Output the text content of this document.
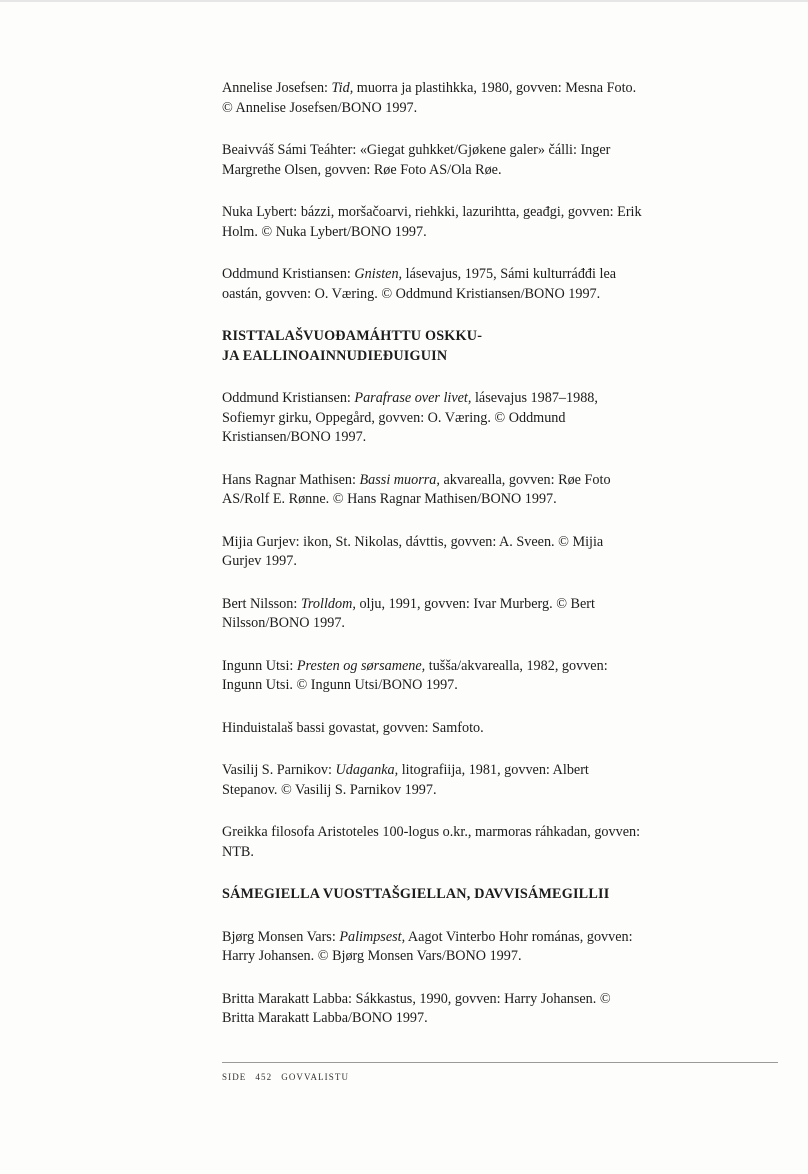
Annelise Josefsen: Tid, muorra ja plastihkka, 1980, govven: Mesna Foto. © Annelise Josefsen/BONO 1997.

Beaivváš Sámi Teáhter: «Giegat guhkket/Gjøkene galer» čálli: Inger Margrethe Olsen, govven: Røe Foto AS/Ola Røe.

Nuka Lybert: bázzi, moršačoarvi, riehkki, lazurihtta, geađgi, govven: Erik Holm. © Nuka Lybert/BONO 1997.

Oddmund Kristiansen: Gnisten, lásevajus, 1975, Sámi kulturráđđi lea oastán, govven: O. Væring. © Oddmund Kristiansen/BONO 1997.

RISTTALAŠVUOĐAMÁHTTU OSKKU-
JA EALLINOAINNUDIEĐUIGUIN

Oddmund Kristiansen: Parafrase over livet, lásevajus 1987–1988, Sofiemyr girku, Oppegård, govven: O. Væring. © Oddmund Kristiansen/BONO 1997.

Hans Ragnar Mathisen: Bassi muorra, akvarealla, govven: Røe Foto AS/Rolf E. Rønne. © Hans Ragnar Mathisen/BONO 1997.

Mijia Gurjev: ikon, St. Nikolas, dávttis, govven: A. Sveen. © Mijia Gurjev 1997.

Bert Nilsson: Trolldom, olju, 1991, govven: Ivar Murberg. © Bert Nilsson/BONO 1997.

Ingunn Utsi: Presten og sørsamene, tuššа/akvarealla, 1982, govven: Ingunn Utsi. © Ingunn Utsi/BONO 1997.

Hinduistalaš bassi govastat, govven: Samfoto.

Vasilij S. Parnikov: Udaganka, litografiija, 1981, govven: Albert Stepanov. © Vasilij S. Parnikov 1997.

Greikka filosofa Aristoteles 100-logus o.kr., marmoras ráhkadan, govven: NTB.

SÁMEGIELLA VUOSTTAŠGIELLAN, DAVVISÁMEGILLII

Bjørg Monsen Vars: Palimpsest, Aagot Vinterbo Hohr románas, govven: Harry Johansen. © Bjørg Monsen Vars/BONO 1997.

Britta Marakatt Labba: Sákkastus, 1990, govven: Harry Johansen. © Britta Marakatt Labba/BONO 1997.

SIDE 452 GOVVALISTU
